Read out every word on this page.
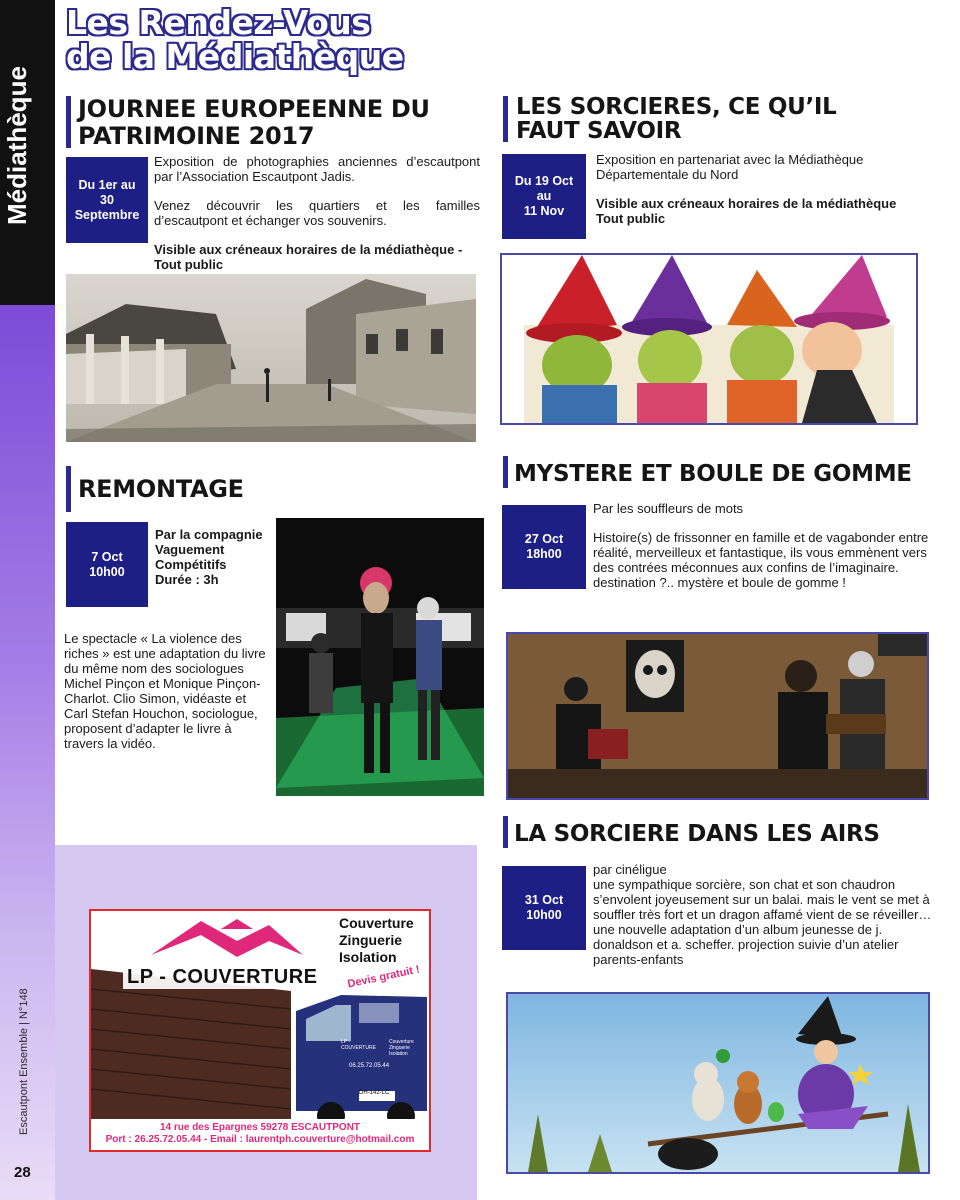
Médiathèque
Escautpont Ensemble | N°148
28
Les Rendez-Vous
de la Médiathèque
JOURNEE EUROPEENNE DU
PATRIMOINE 2017
Du 1er au
30
Septembre

Exposition de photographies anciennes d’escautpont par l’Association Escautpont Jadis.

Venez découvrir les quartiers et les familles d’escautpont et échanger vos souvenirs.

Visible aux créneaux horaires de la médiathèque - Tout public

LES SORCIERES, CE QU’IL
FAUT SAVOIR
Du 19 Oct
au
11 Nov

Exposition en partenariat avec la Médiathèque Départementale du Nord

Visible aux créneaux horaires de la médiathèque

Tout public

REMONTAGE
7 Oct
10h00

Par la compagnie Vaguement Compétitifs

Durée : 3h

Le spectacle « La violence des riches » est une adaptation du livre du même nom des sociologues Michel Pinçon et Monique Pinçon-Charlot. Clio Simon, vidéaste et Carl Stefan Houchon, sociologue, proposent d’adapter le livre à travers la vidéo.
MYSTERE ET BOULE DE GOMME
27 Oct
18h00

Par les souffleurs de mots

Histoire(s) de frissonner en famille et de vagabonder entre réalité, merveilleux et fantastique, ils vous emmènent vers des contrées méconnues aux confins de l’imaginaire. destination ?.. mystère et boule de gomme !

LA SORCIERE DANS LES AIRS
31 Oct
10h00

par cinéligue

une sympathique sorcière, son chat et son chaudron s’envolent joyeusement sur un balai. mais le vent se met à souffler très fort et un dragon affamé vient de se réveiller…

une nouvelle adaptation d’un album jeunesse de j. donaldson et a. scheffer. projection suivie d’un atelier parents-enfants

LP - COUVERTURE
Couverture
Zinguerie
Isolation
Devis gratuit !
LP - COUVERTURE
Couverture Zinguerie Isolation
06.25.72.05.44
DH-142-LC
14 rue des Epargnes 59278 ESCAUTPONT
Port : 26.25.72.05.44 - Email : laurentph.couverture@hotmail.com
